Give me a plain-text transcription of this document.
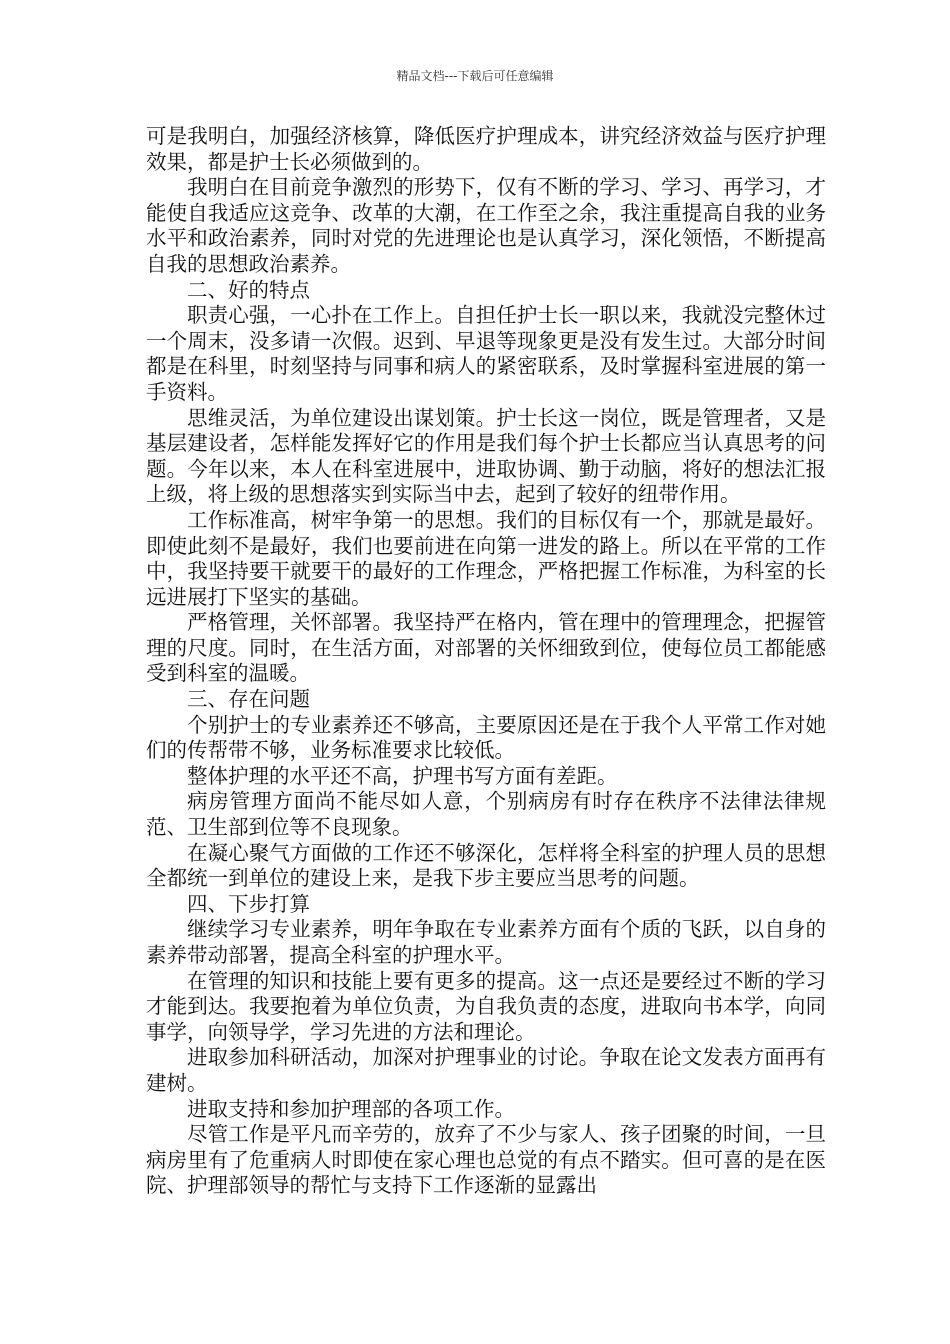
精品文档---下载后可任意编辑

可是我明白，加强经济核算，降低医疗护理成本，讲究经济效益与医疗护理效果，都是护士长必须做到的。

我明白在目前竞争激烈的形势下，仅有不断的学习、学习、再学习，才能使自我适应这竞争、改革的大潮，在工作至之余，我注重提高自我的业务水平和政治素养，同时对党的先进理论也是认真学习，深化领悟，不断提高自我的思想政治素养。

二、好的特点

职责心强，一心扑在工作上。自担任护士长一职以来，我就没完整休过一个周末，没多请一次假。迟到、早退等现象更是没有发生过。大部分时间都是在科里，时刻坚持与同事和病人的紧密联系，及时掌握科室进展的第一手资料。

思维灵活，为单位建设出谋划策。护士长这一岗位，既是管理者，又是基层建设者，怎样能发挥好它的作用是我们每个护士长都应当认真思考的问题。今年以来，本人在科室进展中，进取协调、勤于动脑，将好的想法汇报上级，将上级的思想落实到实际当中去，起到了较好的纽带作用。

工作标准高，树牢争第一的思想。我们的目标仅有一个，那就是最好。即使此刻不是最好，我们也要前进在向第一进发的路上。所以在平常的工作中，我坚持要干就要干的最好的工作理念，严格把握工作标准，为科室的长远进展打下坚实的基础。

严格管理，关怀部署。我坚持严在格内，管在理中的管理理念，把握管理的尺度。同时，在生活方面，对部署的关怀细致到位，使每位员工都能感受到科室的温暖。

三、存在问题

个别护士的专业素养还不够高，主要原因还是在于我个人平常工作对她们的传帮带不够，业务标准要求比较低。

整体护理的水平还不高，护理书写方面有差距。

病房管理方面尚不能尽如人意，个别病房有时存在秩序不法律法律规范、卫生部到位等不良现象。

在凝心聚气方面做的工作还不够深化，怎样将全科室的护理人员的思想全都统一到单位的建设上来，是我下步主要应当思考的问题。

四、下步打算

继续学习专业素养，明年争取在专业素养方面有个质的飞跃，以自身的素养带动部署，提高全科室的护理水平。

在管理的知识和技能上要有更多的提高。这一点还是要经过不断的学习才能到达。我要抱着为单位负责，为自我负责的态度，进取向书本学，向同事学，向领导学，学习先进的方法和理论。

进取参加科研活动，加深对护理事业的讨论。争取在论文发表方面再有建树。

进取支持和参加护理部的各项工作。

尽管工作是平凡而辛劳的，放弃了不少与家人、孩子团聚的时间，一旦病房里有了危重病人时即使在家心理也总觉的有点不踏实。但可喜的是在医院、护理部领导的帮忙与支持下工作逐渐的显露出
